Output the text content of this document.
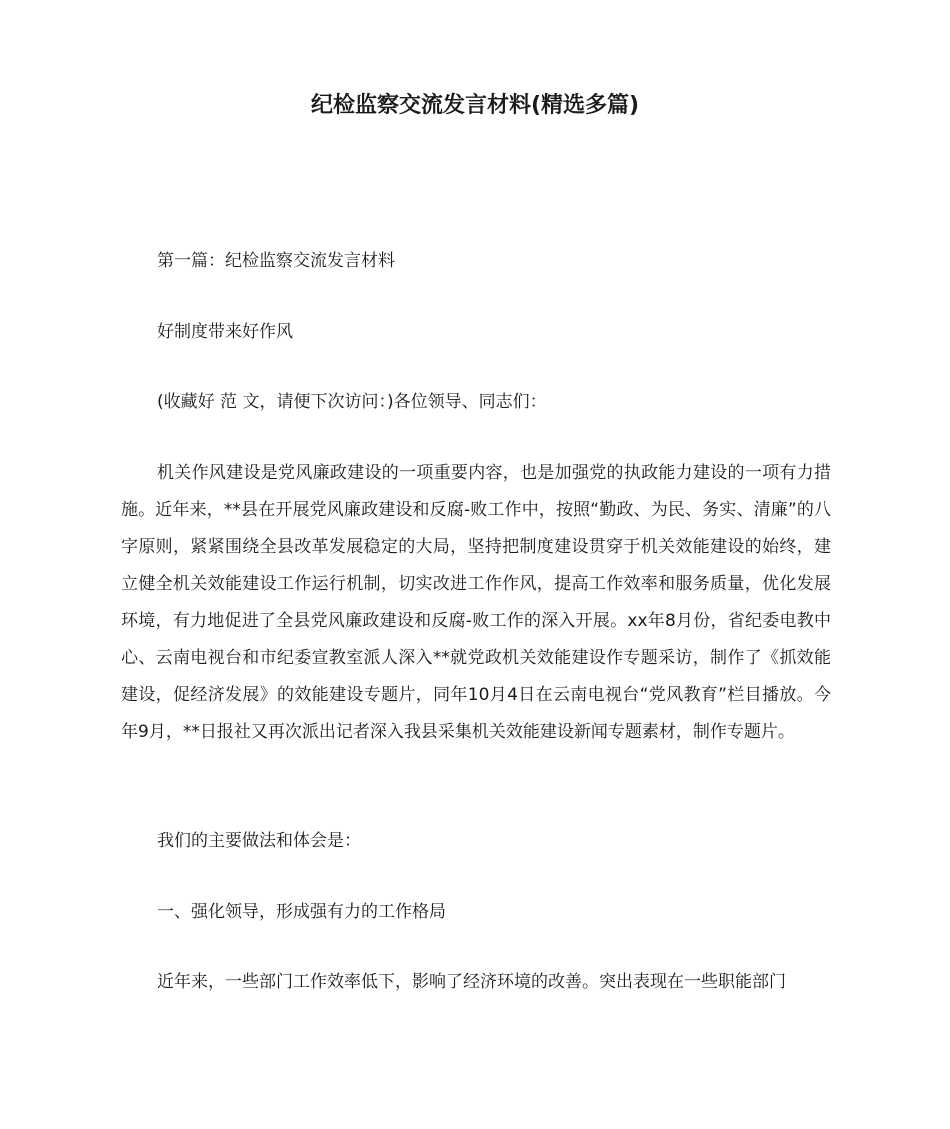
纪检监察交流发言材料(精选多篇)

第一篇：纪检监察交流发言材料

好制度带来好作风

(收藏好 范 文，请便下次访问：)各位领导、同志们：

机关作风建设是党风廉政建设的一项重要内容，也是加强党的执政能力建设的一项有力措施。近年来，**县在开展党风廉政建设和反腐-败工作中，按照“勤政、为民、务实、清廉”的八字原则，紧紧围绕全县改革发展稳定的大局，坚持把制度建设贯穿于机关效能建设的始终，建立健全机关效能建设工作运行机制，切实改进工作作风，提高工作效率和服务质量，优化发展环境，有力地促进了全县党风廉政建设和反腐-败工作的深入开展。xx年8月份，省纪委电教中心、云南电视台和市纪委宣教室派人深入**就党政机关效能建设作专题采访，制作了《抓效能建设，促经济发展》的效能建设专题片，同年10月4日在云南电视台“党风教育”栏目播放。今年9月，**日报社又再次派出记者深入我县采集机关效能建设新闻专题素材，制作专题片。

我们的主要做法和体会是：

一、强化领导，形成强有力的工作格局

近年来，一些部门工作效率低下，影响了经济环境的改善。突出表现在一些职能部门
